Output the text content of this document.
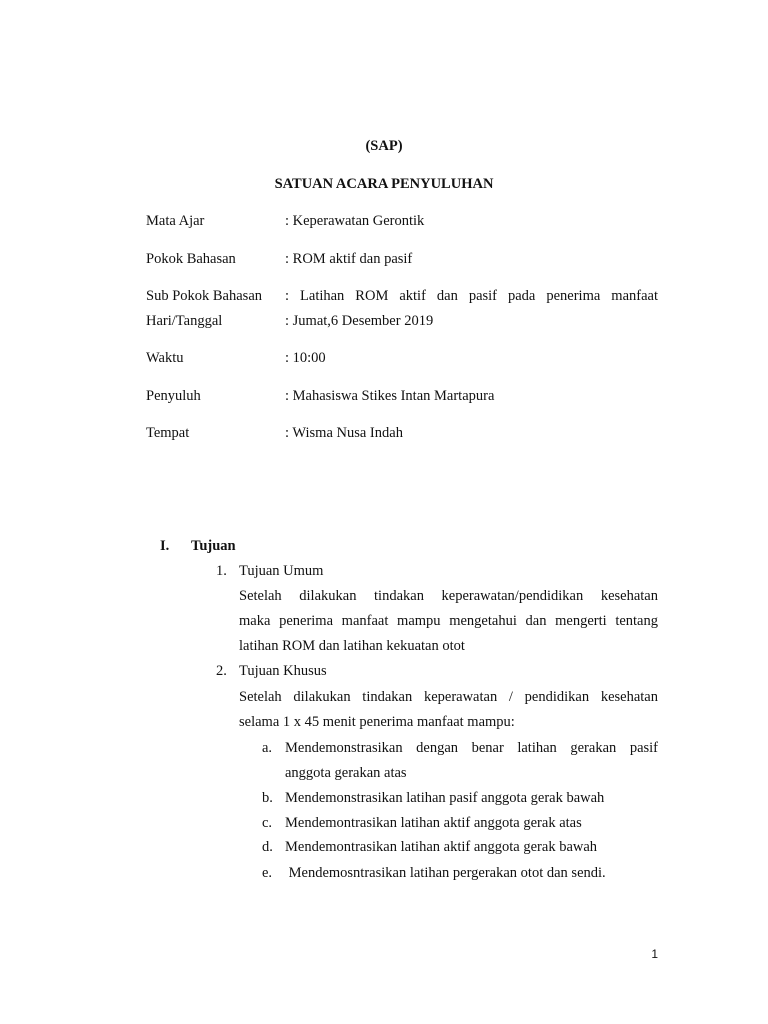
(SAP)
SATUAN ACARA PENYULUHAN
Mata Ajar	: Keperawatan Gerontik
Pokok Bahasan	: ROM aktif dan pasif
Sub Pokok Bahasan : Latihan ROM aktif dan pasif pada penerima manfaat
Hari/Tanggal	: Jumat,6 Desember 2019
Waktu	: 10:00
Penyuluh	: Mahasiswa Stikes Intan Martapura
Tempat	: Wisma Nusa Indah
I. Tujuan
1. Tujuan Umum
Setelah dilakukan tindakan keperawatan/pendidikan kesehatan
maka penerima manfaat mampu mengetahui dan mengerti tentang
latihan ROM dan latihan kekuatan otot
2. Tujuan Khusus
Setelah dilakukan tindakan keperawatan / pendidikan kesehatan
selama 1 x 45 menit penerima manfaat mampu:
a. Mendemonstrasikan dengan benar latihan gerakan pasif
anggota gerakan atas
b. Mendemonstrasikan latihan pasif anggota gerak bawah
c. Mendemontrasikan latihan aktif anggota gerak atas
d. Mendemontrasikan latihan aktif anggota gerak bawah
e. Mendemosntrasikan latihan pergerakan otot dan sendi.
1
